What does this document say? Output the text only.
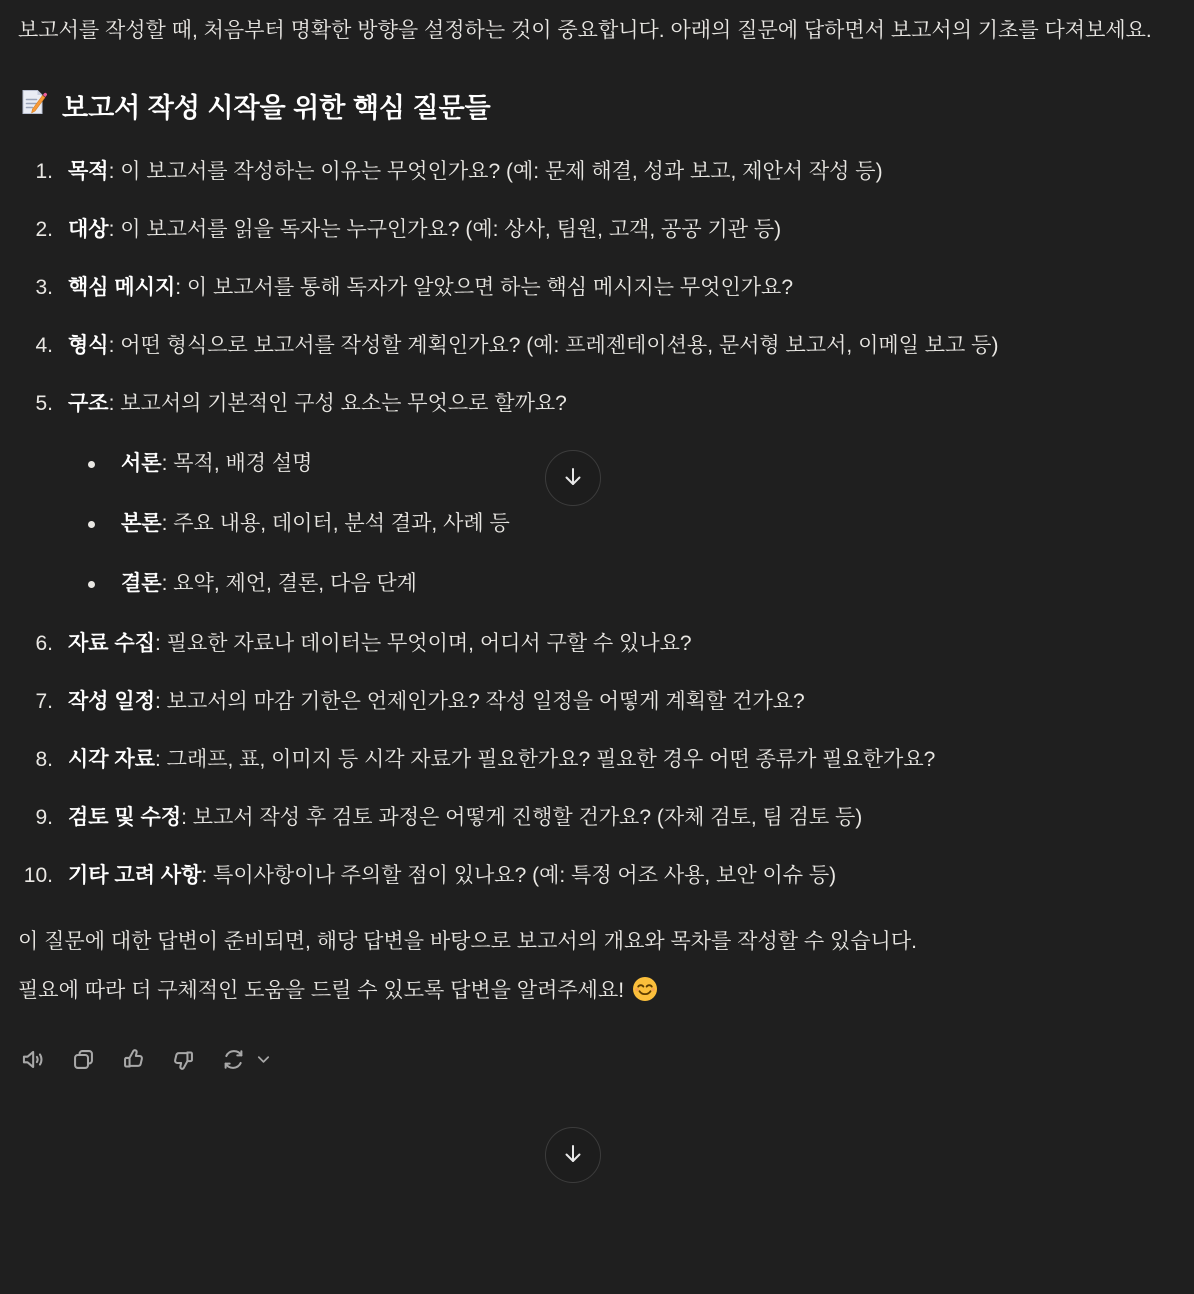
보고서를 작성할 때, 처음부터 명확한 방향을 설정하는 것이 중요합니다. 아래의 질문에 답하면서 보고서의 기초를 다져보세요.

보고서 작성 시작을 위한 핵심 질문들
1. 목적: 이 보고서를 작성하는 이유는 무엇인가요? (예: 문제 해결, 성과 보고, 제안서 작성 등)
2. 대상: 이 보고서를 읽을 독자는 누구인가요? (예: 상사, 팀원, 고객, 공공 기관 등)
3. 핵심 메시지: 이 보고서를 통해 독자가 알았으면 하는 핵심 메시지는 무엇인가요?
4. 형식: 어떤 형식으로 보고서를 작성할 계획인가요? (예: 프레젠테이션용, 문서형 보고서, 이메일 보고 등)
5. 구조: 보고서의 기본적인 구성 요소는 무엇으로 할까요?
서론: 목적, 배경 설명
본론: 주요 내용, 데이터, 분석 결과, 사례 등
결론: 요약, 제언, 결론, 다음 단계
6. 자료 수집: 필요한 자료나 데이터는 무엇이며, 어디서 구할 수 있나요?
7. 작성 일정: 보고서의 마감 기한은 언제인가요? 작성 일정을 어떻게 계획할 건가요?
8. 시각 자료: 그래프, 표, 이미지 등 시각 자료가 필요한가요? 필요한 경우 어떤 종류가 필요한가요?
9. 검토 및 수정: 보고서 작성 후 검토 과정은 어떻게 진행할 건가요? (자체 검토, 팀 검토 등)
10. 기타 고려 사항: 특이사항이나 주의할 점이 있나요? (예: 특정 어조 사용, 보안 이슈 등)

이 질문에 대한 답변이 준비되면, 해당 답변을 바탕으로 보고서의 개요와 목차를 작성할 수 있습니다.

필요에 따라 더 구체적인 도움을 드릴 수 있도록 답변을 알려주세요!
